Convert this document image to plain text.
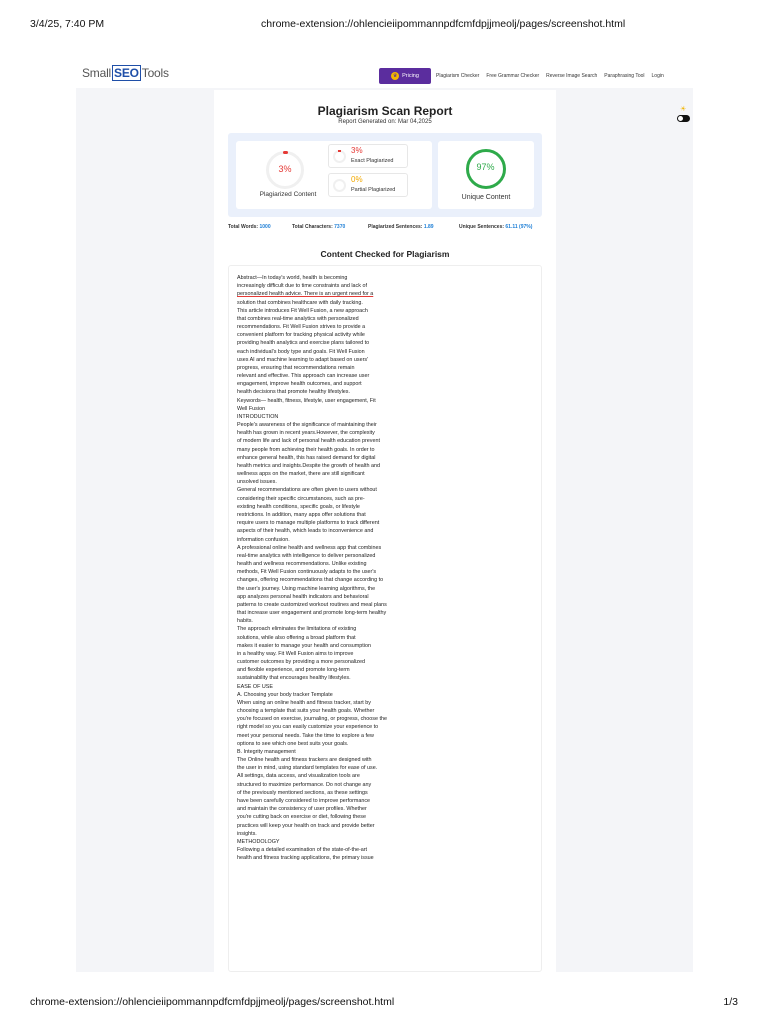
3/4/25, 7:40 PM	chrome-extension://ohlencieiipommannpdfcmfdpjjmeolj/pages/screenshot.html
Small SEO Tools	♛ Pricing	Plagiarism Checker Free Grammar Checker Reverse Image Search Paraphrasing Tool Login
Plagiarism Scan Report
Report Generated on: Mar 04,2025
3%
Plagiarized Content
3%
Exact Plagiarized
0%
Partial Plagiarized
97%
Unique Content
Total Words: 1000	Total Characters: 7370	Plagiarized Sentences: 1.89	Unique Sentences: 61.11 (97%)
Content Checked for Plagiarism
Abstract—In today's world, health is becoming
increasingly difficult due to time constraints and lack of
personalized health advice. There is an urgent need for a
solution that combines healthcare with daily tracking.
This article introduces Fit Well Fusion, a new approach
that combines real-time analytics with personalized
recommendations. Fit Well Fusion strives to provide a
convenient platform for tracking physical activity while
providing health analytics and exercise plans tailored to
each individual's body type and goals. Fit Well Fusion
uses AI and machine learning to adapt based on users'
progress, ensuring that recommendations remain
relevant and effective. This approach can increase user
engagement, improve health outcomes, and support
health decisions that promote healthy lifestyles.
Keywords— health, fitness, lifestyle, user engagement, Fit
Well Fusion
INTRODUCTION
People's awareness of the significance of maintaining their
health has grown in recent years.However, the complexity
of modern life and lack of personal health education prevent
many people from achieving their health goals. In order to
enhance general health, this has raised demand for digital
health metrics and insights.Despite the growth of health and
wellness apps on the market, there are still significant
unsolved issues.
General recommendations are often given to users without
considering their specific circumstances, such as pre-
existing health conditions, specific goals, or lifestyle
restrictions. In addition, many apps offer solutions that
require users to manage multiple platforms to track different
aspects of their health, which leads to inconvenience and
information confusion.
A professional online health and wellness app that combines
real-time analytics with intelligence to deliver personalized
health and wellness recommendations. Unlike existing
methods, Fit Well Fusion continuously adapts to the user's
changes, offering recommendations that change according to
the user's journey. Using machine learning algorithms, the
app analyzes personal health indicators and behavioral
patterns to create customized workout routines and meal plans
that increase user engagement and promote long-term healthy
habits.
The approach eliminates the limitations of existing
solutions, while also offering a broad platform that
makes it easier to manage your health and consumption
in a healthy way. Fit Well Fusion aims to improve
customer outcomes by providing a more personalized
and flexible experience, and promote long-term
sustainability that encourages healthy lifestyles.
EASE OF USE
A. Choosing your body tracker Template
When using an online health and fitness tracker, start by
choosing a template that suits your health goals. Whether
you're focused on exercise, journaling, or progress, choose the
right model so you can easily customize your experience to
meet your personal needs. Take the time to explore a few
options to see which one best suits your goals.
B. Integrity management
The Online health and fitness trackers are designed with
the user in mind, using standard templates for ease of use.
All settings, data access, and visualization tools are
structured to maximize performance. Do not change any
of the previously mentioned sections, as these settings
have been carefully considered to improve performance
and maintain the consistency of user profiles. Whether
you're cutting back on exercise or diet, following these
practices will keep your health on track and provide better
insights.
METHODOLOGY
Following a detailed examination of the state-of-the-art
health and fitness tracking applications, the primary issue
☀
chrome-extension://ohlencieiipommannpdfcmfdpjjmeolj/pages/screenshot.html	1/3
